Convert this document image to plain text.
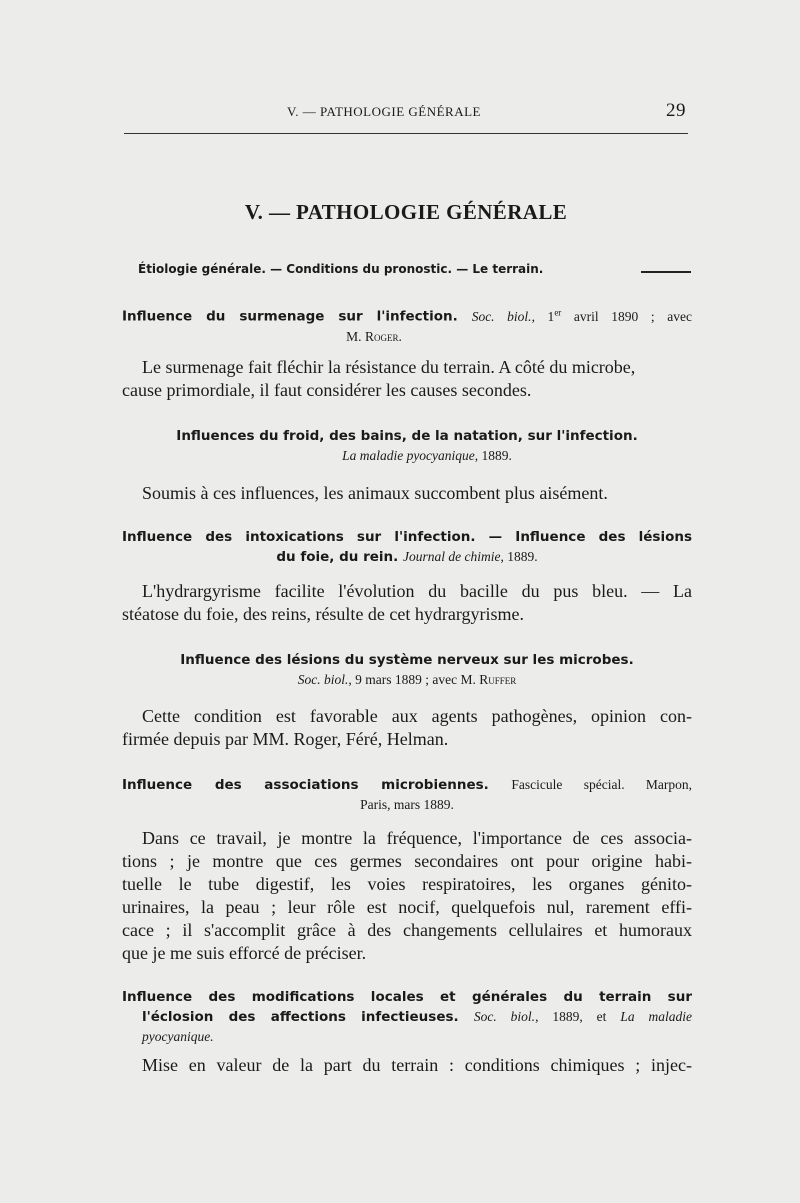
V. — PATHOLOGIE GÉNÉRALE	29
V. — PATHOLOGIE GÉNÉRALE
Étiologie générale. — Conditions du pronostic. — Le terrain.
Influence du surmenage sur l'infection. Soc. biol., 1er avril 1890 ; avec
M. Roger.
Le surmenage fait fléchir la résistance du terrain. A côté du microbe,
cause primordiale, il faut considérer les causes secondes.
Influences du froid, des bains, de la natation, sur l'infection.
La maladie pyocyanique, 1889.
Soumis à ces influences, les animaux succombent plus aisément.
Influence des intoxications sur l'infection. — Influence des lésions
du foie, du rein. Journal de chimie, 1889.
L'hydrargyrisme facilite l'évolution du bacille du pus bleu. — La
stéatose du foie, des reins, résulte de cet hydrargyrisme.
Influence des lésions du système nerveux sur les microbes.
Soc. biol., 9 mars 1889 ; avec M. Ruffer
Cette condition est favorable aux agents pathogènes, opinion con-
firmée depuis par MM. Roger, Féré, Helman.
Influence des associations microbiennes. Fascicule spécial. Marpon,
Paris, mars 1889.
Dans ce travail, je montre la fréquence, l'importance de ces associa-
tions ; je montre que ces germes secondaires ont pour origine habi-
tuelle le tube digestif, les voies respiratoires, les organes génito-
urinaires, la peau ; leur rôle est nocif, quelquefois nul, rarement effi-
cace ; il s'accomplit grâce à des changements cellulaires et humoraux
que je me suis efforcé de préciser.
Influence des modifications locales et générales du terrain sur
l'éclosion des affections infectieuses. Soc. biol., 1889, et La maladie
pyocyanique.
Mise en valeur de la part du terrain : conditions chimiques ; injec-
